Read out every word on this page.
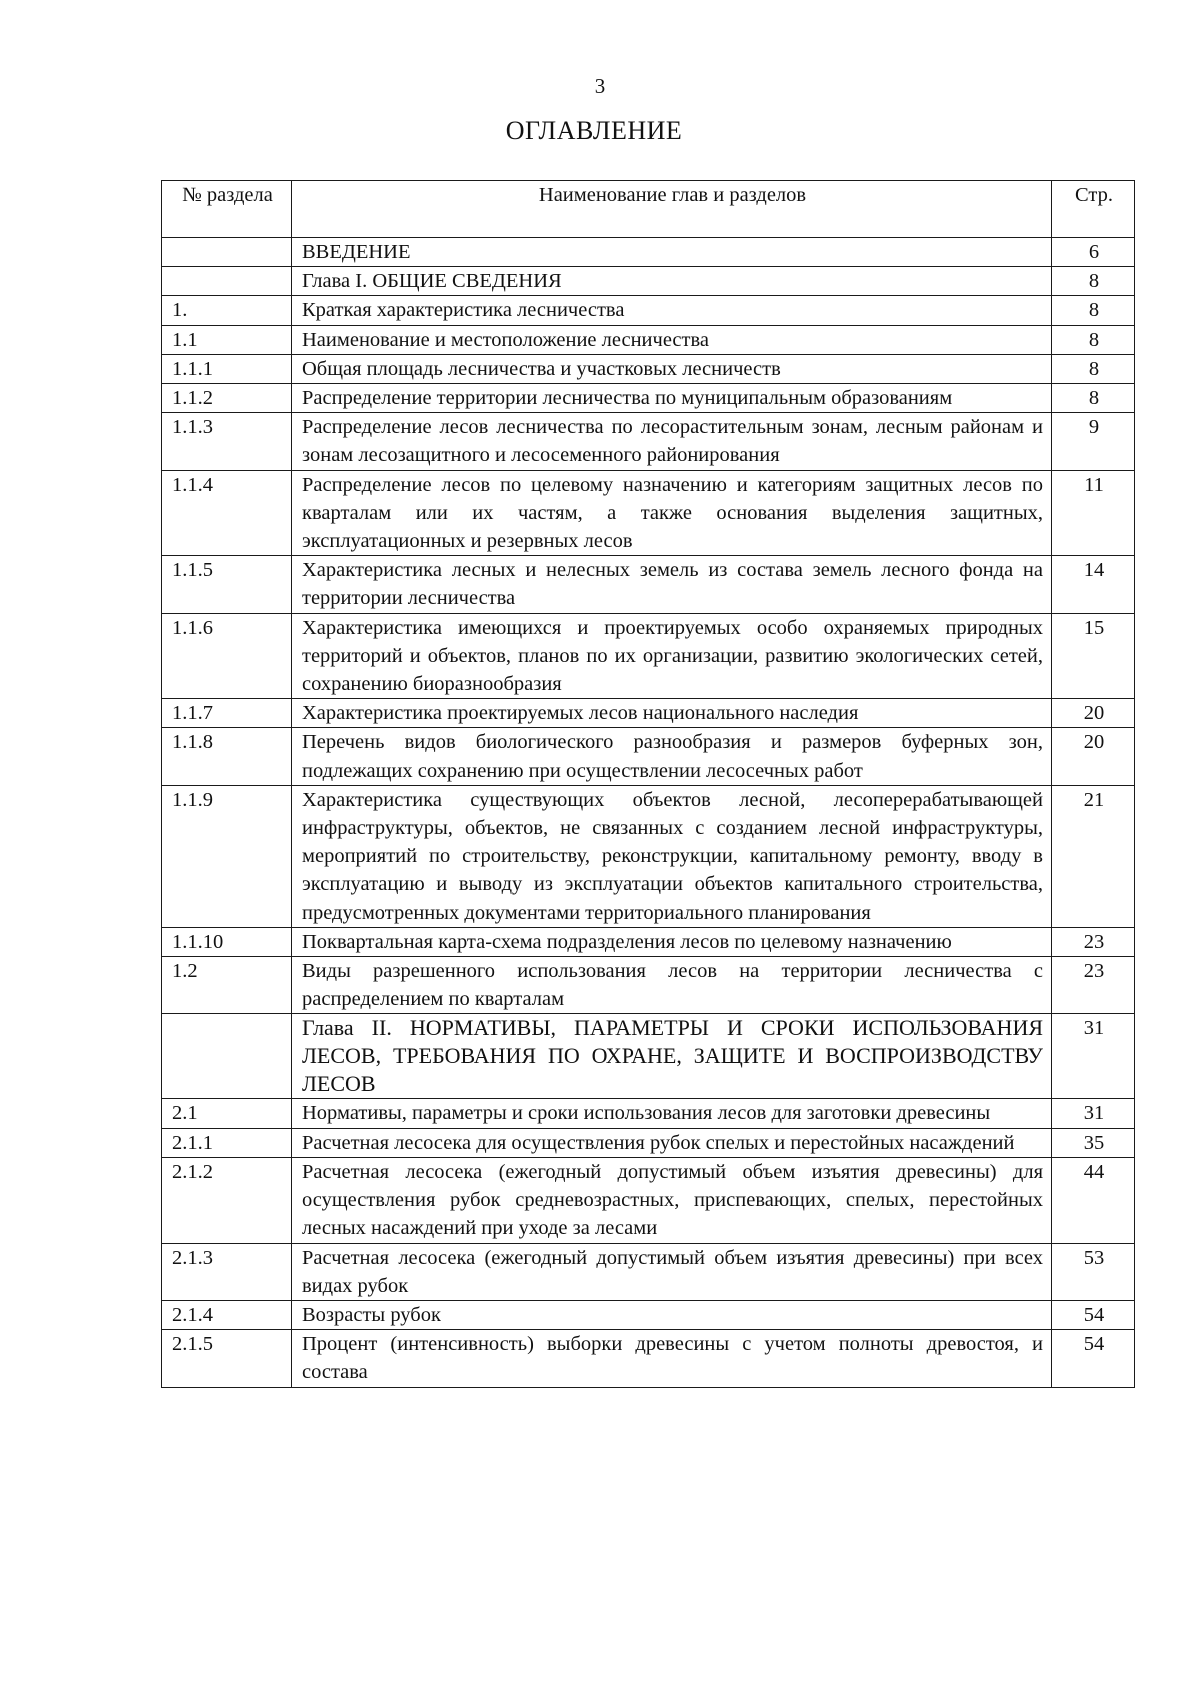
3
ОГЛАВЛЕНИЕ
№ раздела	Наименование глав и разделов	Стр.
	ВВЕДЕНИЕ	6
	Глава I. ОБЩИЕ СВЕДЕНИЯ	8
1.	Краткая характеристика лесничества	8
1.1	Наименование и местоположение лесничества	8
1.1.1	Общая площадь лесничества и участковых лесничеств	8
1.1.2	Распределение территории лесничества по муниципальным образованиям	8
1.1.3	Распределение лесов лесничества по лесорастительным зонам, лесным районам и зонам лесозащитного и лесосеменного районирования	9
1.1.4	Распределение лесов по целевому назначению и категориям защитных лесов по кварталам или их частям, а также основания выделения защитных, эксплуатационных и резервных лесов	11
1.1.5	Характеристика лесных и нелесных земель из состава земель лесного фонда на территории лесничества	14
1.1.6	Характеристика имеющихся и проектируемых особо охраняемых природных территорий и объектов, планов по их организации, развитию экологических сетей, сохранению биоразнообразия	15
1.1.7	Характеристика проектируемых лесов национального наследия	20
1.1.8	Перечень видов биологического разнообразия и размеров буферных зон, подлежащих сохранению при осуществлении лесосечных работ	20
1.1.9	Характеристика существующих объектов лесной, лесоперерабатывающей инфраструктуры, объектов, не связанных с созданием лесной инфраструктуры, мероприятий по строительству, реконструкции, капитальному ремонту, вводу в эксплуатацию и выводу из эксплуатации объектов капитального строительства, предусмотренных документами территориального планирования	21
1.1.10	Поквартальная карта-схема подразделения лесов по целевому назначению	23
1.2	Виды разрешенного использования лесов на территории лесничества с распределением по кварталам	23
	Глава II. НОРМАТИВЫ, ПАРАМЕТРЫ И СРОКИ ИСПОЛЬЗОВАНИЯ ЛЕСОВ, ТРЕБОВАНИЯ ПО ОХРАНЕ, ЗАЩИТЕ И ВОСПРОИЗВОДСТВУ ЛЕСОВ	31
2.1	Нормативы, параметры и сроки использования лесов для заготовки древесины	31
2.1.1	Расчетная лесосека для осуществления рубок спелых и перестойных насаждений	35
2.1.2	Расчетная лесосека (ежегодный допустимый объем изъятия древесины) для осуществления рубок средневозрастных, приспевающих, спелых, перестойных лесных насаждений при уходе за лесами	44
2.1.3	Расчетная лесосека (ежегодный допустимый объем изъятия древесины) при всех видах рубок	53
2.1.4	Возрасты рубок	54
2.1.5	Процент (интенсивность) выборки древесины с учетом полноты древостоя, и состава	54
